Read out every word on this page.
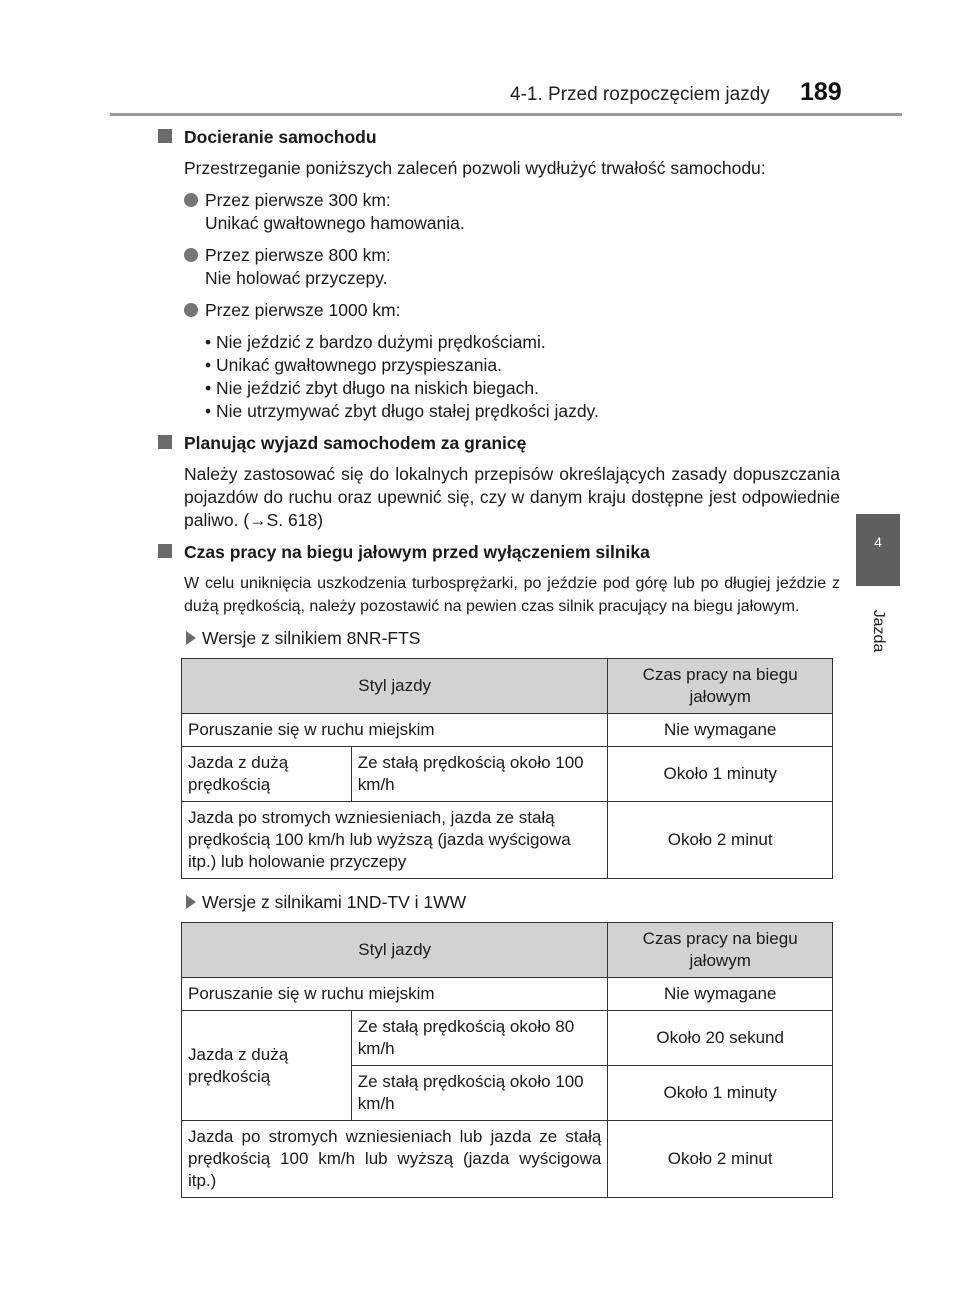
4-1. Przed rozpoczęciem jazdy 189
4
Jazda
Docieranie samochodu
Przestrzeganie poniższych zaleceń pozwoli wydłużyć trwałość samochodu:
Przez pierwsze 300 km:
Unikać gwałtownego hamowania.
Przez pierwsze 800 km:
Nie holować przyczepy.
Przez pierwsze 1000 km:
• Nie jeździć z bardzo dużymi prędkościami.
• Unikać gwałtownego przyspieszania.
• Nie jeździć zbyt długo na niskich biegach.
• Nie utrzymywać zbyt długo stałej prędkości jazdy.
Planując wyjazd samochodem za granicę
Należy zastosować się do lokalnych przepisów określających zasady dopuszczania pojazdów do ruchu oraz upewnić się, czy w danym kraju dostępne jest odpowiednie paliwo. (→S. 618)
Czas pracy na biegu jałowym przed wyłączeniem silnika
W celu uniknięcia uszkodzenia turbosprężarki, po jeździe pod górę lub po długiej jeździe z dużą prędkością, należy pozostawić na pewien czas silnik pracujący na biegu jałowym.
Wersje z silnikiem 8NR-FTS
Styl jazdy		Czas pracy na biegu jałowym
Poruszanie się w ruchu miejskim		Nie wymagane
Jazda z dużą prędkością	Ze stałą prędkością około 100 km/h	Około 1 minuty
Jazda po stromych wzniesieniach, jazda ze stałą prędkością 100 km/h lub wyższą (jazda wyścigowa itp.) lub holowanie przyczepy		Około 2 minut
Wersje z silnikami 1ND-TV i 1WW
Styl jazdy		Czas pracy na biegu jałowym
Poruszanie się w ruchu miejskim		Nie wymagane
Jazda z dużą prędkością	Ze stałą prędkością około 80 km/h	Około 20 sekund
	Ze stałą prędkością około 100 km/h	Około 1 minuty
Jazda po stromych wzniesieniach lub jazda ze stałą prędkością 100 km/h lub wyższą (jazda wyścigowa itp.)		Około 2 minut
